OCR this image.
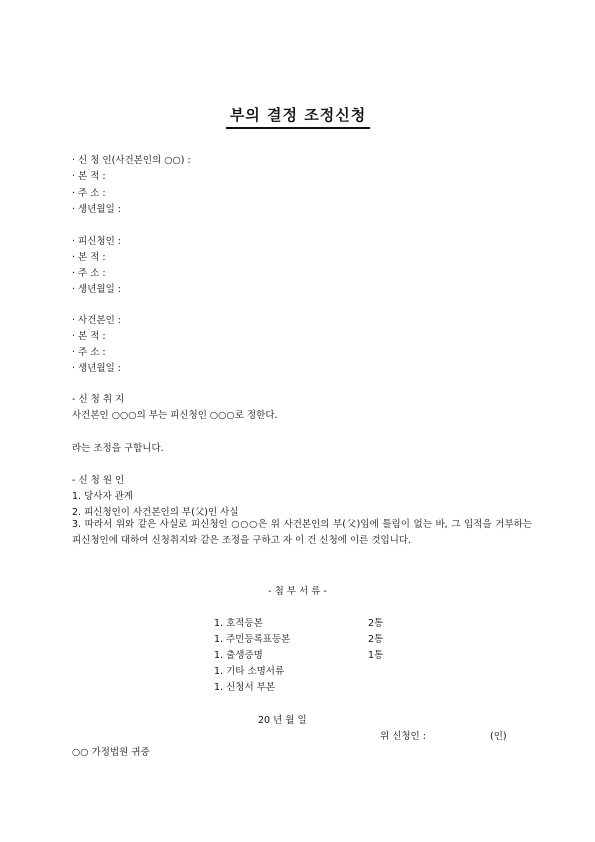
부의 결정 조정신청
· 신 청 인(사건본인의 ○○) :
· 본 적 :
· 주 소 :
· 생년월일 :
· 피신청인 :
· 본 적 :
· 주 소 :
· 생년월일 :
· 사건본인 :
· 본 적 :
· 주 소 :
· 생년월일 :
- 신 청 취 지
사건본인 ○○○의 부는 피신청인 ○○○로 정한다.
라는 조정을 구합니다.
- 신 청 원 인
1. 당사자 관계
2. 피신청인이 사건본인의 부(父)인 사실
3. 따라서 위와 같은 사실로 피신청인 ○○○은 위 사건본인의 부(父)임에 틀림이 없는 바, 그 입적을 거부하는 피신청인에 대하여 신청취지와 같은 조정을 구하고 자 이 건 신청에 이른 것입니다.
- 첨 부 서 류 -
1. 호적등본	2통
1. 주민등록표등본	2통
1. 출생증명	1통
1. 기타 소명서류
1. 신청서 부본
20 년 월 일
위 신청인 :	(인)
○○ 가정법원 귀중
